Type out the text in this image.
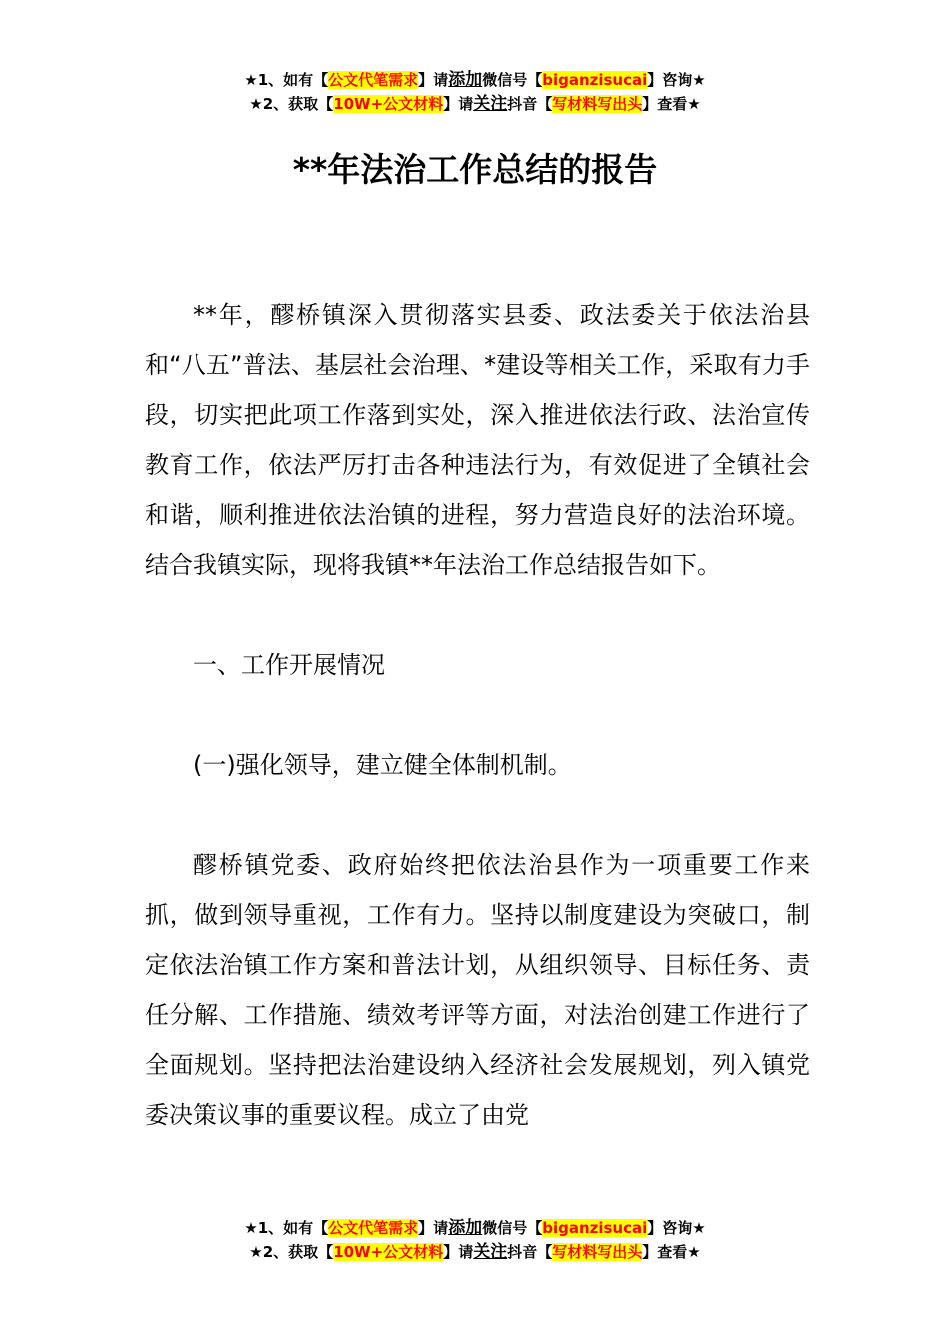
★1、如有【公文代笔需求】请添加微信号【biganzisucai】咨询★
★2、获取【10W+公文材料】请关注抖音【写材料写出头】查看★
**年法治工作总结的报告

**年，醪桥镇深入贯彻落实县委、政法委关于依法治县和“八五”普法、基层社会治理、*建设等相关工作，采取有力手段，切实把此项工作落到实处，深入推进依法行政、法治宣传教育工作，依法严厉打击各种违法行为，有效促进了全镇社会和谐，顺利推进依法治镇的进程，努力营造良好的法治环境。结合我镇实际，现将我镇**年法治工作总结报告如下。

一、工作开展情况

(一)强化领导，建立健全体制机制。

醪桥镇党委、政府始终把依法治县作为一项重要工作来抓，做到领导重视，工作有力。坚持以制度建设为突破口，制定依法治镇工作方案和普法计划，从组织领导、目标任务、责任分解、工作措施、绩效考评等方面，对法治创建工作进行了全面规划。坚持把法治建设纳入经济社会发展规划，列入镇党委决策议事的重要议程。成立了由党

★1、如有【公文代笔需求】请添加微信号【biganzisucai】咨询★
★2、获取【10W+公文材料】请关注抖音【写材料写出头】查看★
